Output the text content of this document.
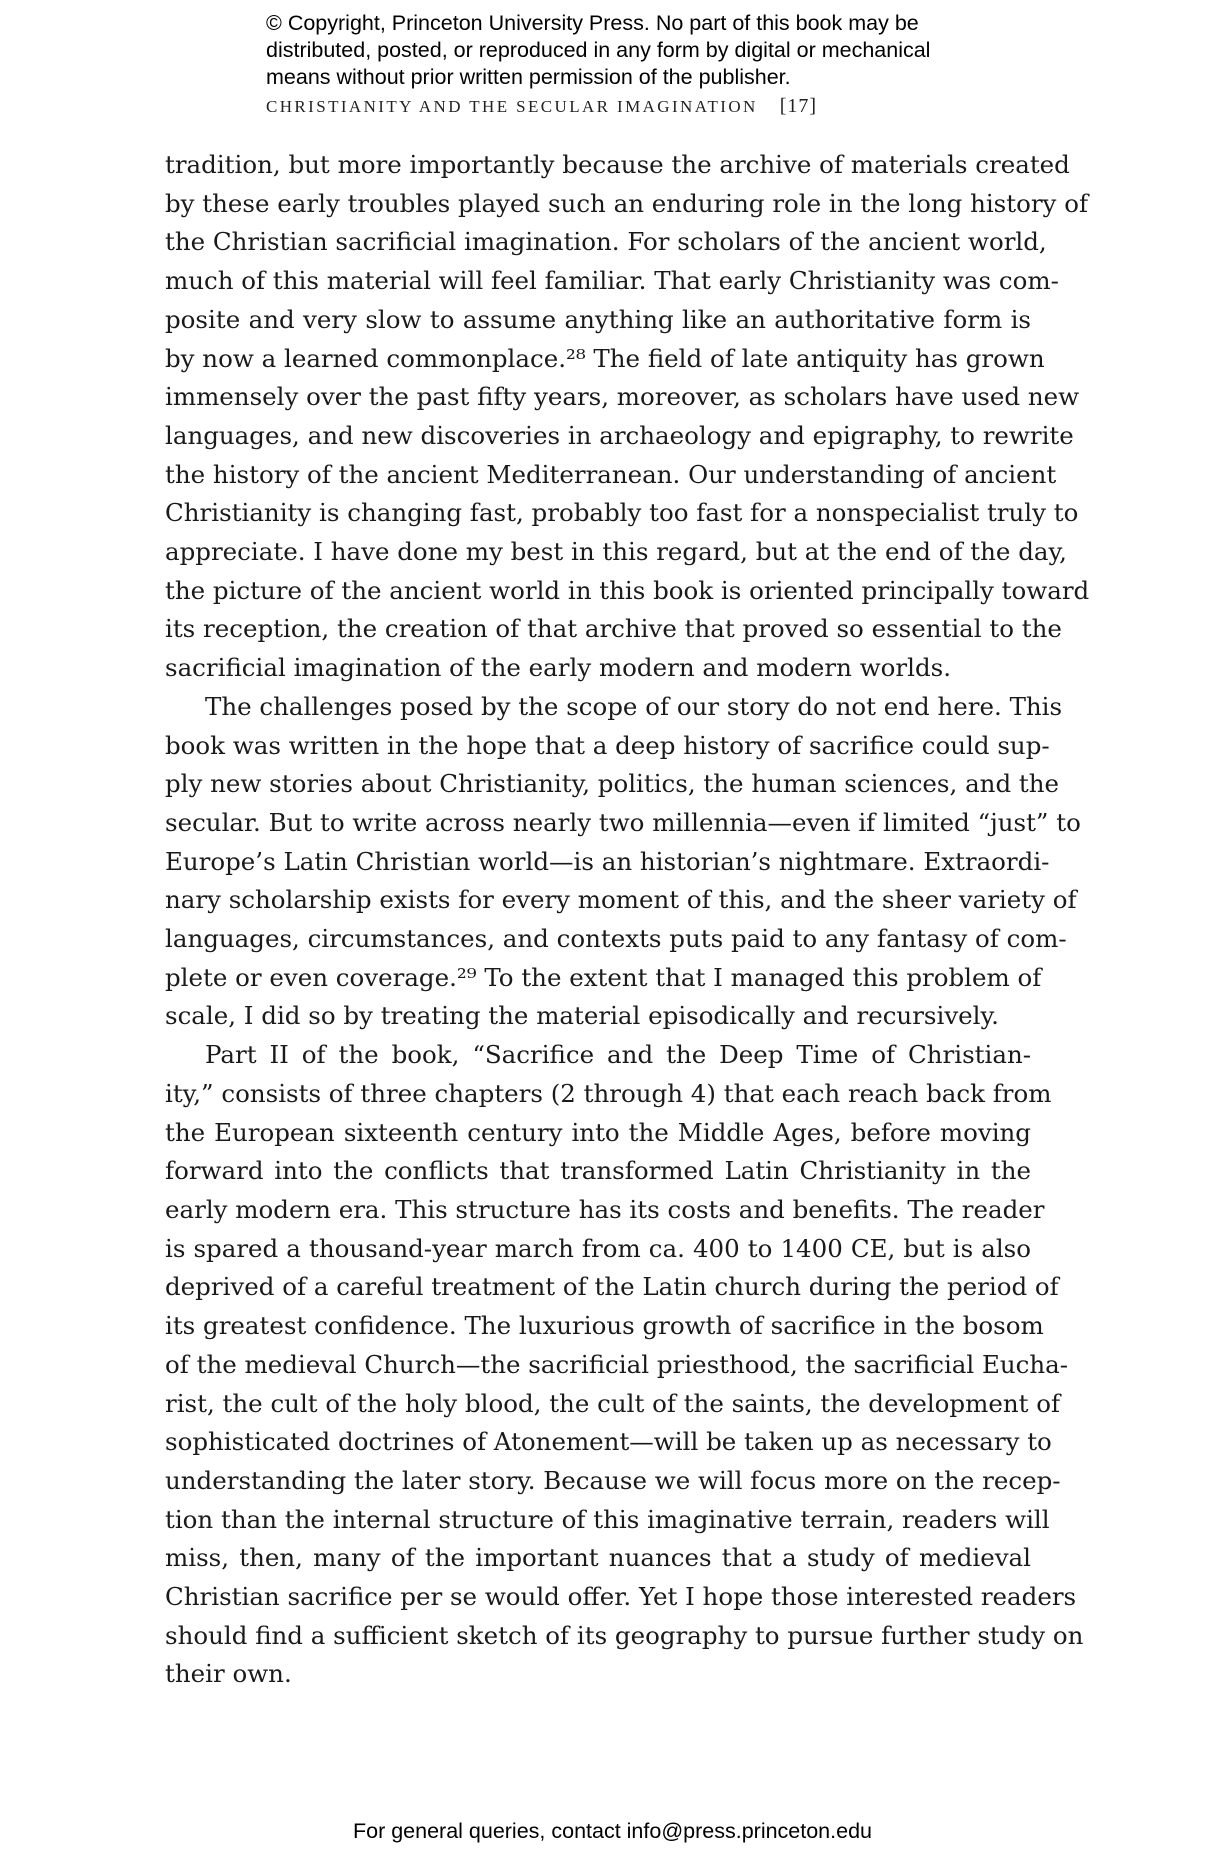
© Copyright, Princeton University Press. No part of this book may be
distributed, posted, or reproduced in any form by digital or mechanical
means without prior written permission of the publisher.
CHRISTIANITY AND THE SECULAR IMAGINATION [17]
tradition, but more importantly because the archive of materials created
by these early troubles played such an enduring role in the long history of
the Christian sacrificial imagination. For scholars of the ancient world,
much of this material will feel familiar. That early Christianity was com-
posite and very slow to assume anything like an authoritative form is
by now a learned commonplace.²⁸ The field of late antiquity has grown
immensely over the past fifty years, moreover, as scholars have used new
languages, and new discoveries in archaeology and epigraphy, to rewrite
the history of the ancient Mediterranean. Our understanding of ancient
Christianity is changing fast, probably too fast for a nonspecialist truly to
appreciate. I have done my best in this regard, but at the end of the day,
the picture of the ancient world in this book is oriented principally toward
its reception, the creation of that archive that proved so essential to the
sacrificial imagination of the early modern and modern worlds.
The challenges posed by the scope of our story do not end here. This
book was written in the hope that a deep history of sacrifice could sup-
ply new stories about Christianity, politics, the human sciences, and the
secular. But to write across nearly two millennia—even if limited “just” to
Europe’s Latin Christian world—is an historian’s nightmare. Extraordi-
nary scholarship exists for every moment of this, and the sheer variety of
languages, circumstances, and contexts puts paid to any fantasy of com-
plete or even coverage.²⁹ To the extent that I managed this problem of
scale, I did so by treating the material episodically and recursively.
Part II of the book, “Sacrifice and the Deep Time of Christian-
ity,” consists of three chapters (2 through 4) that each reach back from
the European sixteenth century into the Middle Ages, before moving
forward into the conflicts that transformed Latin Christianity in the
early modern era. This structure has its costs and benefits. The reader
is spared a thousand-year march from ca. 400 to 1400 CE, but is also
deprived of a careful treatment of the Latin church during the period of
its greatest confidence. The luxurious growth of sacrifice in the bosom
of the medieval Church—the sacrificial priesthood, the sacrificial Eucha-
rist, the cult of the holy blood, the cult of the saints, the development of
sophisticated doctrines of Atonement—will be taken up as necessary to
understanding the later story. Because we will focus more on the recep-
tion than the internal structure of this imaginative terrain, readers will
miss, then, many of the important nuances that a study of medieval
Christian sacrifice per se would offer. Yet I hope those interested readers
should find a sufficient sketch of its geography to pursue further study on
their own.
For general queries, contact info@press.princeton.edu
